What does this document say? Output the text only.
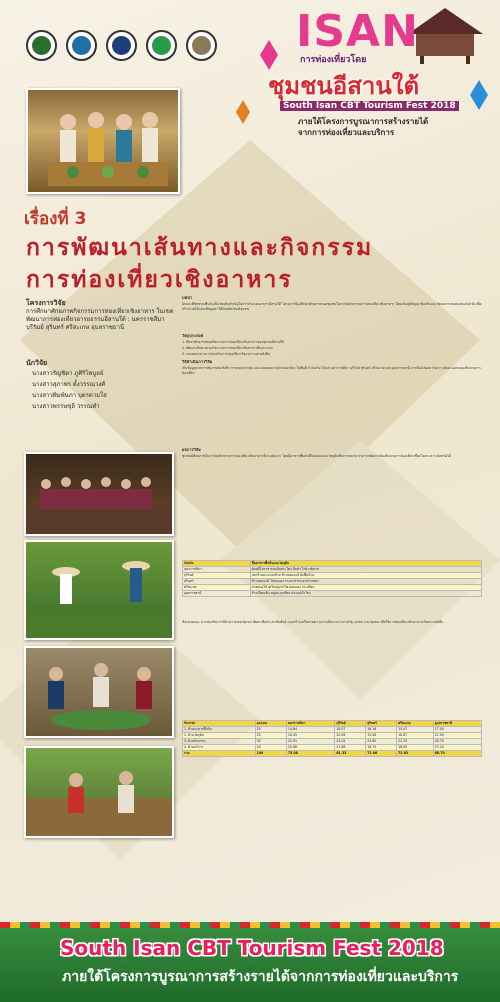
ISAN
การท่องเที่ยวโดย
ชุมชนอีสานใต้
South Isan CBT Tourism Fest 2018
ภายใต้โครงการบูรณาการสร้างรายได้
จากการท่องเที่ยวและบริการ
เรื่องที่ 3
การพัฒนาเส้นทางและกิจกรรม
การท่องเที่ยวเชิงอาหาร
โครงการวิจัย
การศึกษาศักยภาพกิจกรรมการท่องเที่ยวเชิงอาหาร ในเขตพัฒนาการท่องเที่ยวอารยธรรมอีสานใต้ : นครราชสีมา บุรีรัมย์ สุรินทร์ ศรีสะเกษ อุบลราชธานี
นักวิจัย
นางสาวรัญชิดา ภูศิริไพบูลย์
นางสาวสุภาพร ตั้งวรรณวงศ์
นางสาวพิมพ์นภา บุตรตามใส
นางสาวพรรษชุลี วรรณทำ
บทนำ
ผักและพืชพรรณพื้นถิ่นเป็นวัตถุดิบสำคัญในการประกอบอาหารอีสานใต้ โครงการนี้มุ่งศึกษาศักยภาพของชุมชนในการจัดกิจกรรมการท่องเที่ยวเชิงอาหาร โดยเน้นภูมิปัญญาท้องถิ่นและวัฒนธรรมของแต่ละจังหวัด เพื่อสร้างรายได้และเพิ่มมูลค่าให้กับผลิตภัณฑ์ชุมชน
วัตถุประสงค์
1. ศึกษาศักยภาพของกิจกรรมการท่องเที่ยวเชิงอาหารของชุมชนอีสานใต้
2. พัฒนาเส้นทางและกิจกรรมการท่องเที่ยวเชิงอาหารที่เหมาะสม
3. เสนอแนวทางการส่งเสริมการท่องเที่ยวเชิงอาหารอย่างยั่งยืน
วิธีดำเนินการวิจัย
เก็บข้อมูลจากการสัมภาษณ์เชิงลึก การสนทนากลุ่ม และแบบสอบถามนักท่องเที่ยว ในพื้นที่ 5 จังหวัด ได้แก่ นครราชสีมา บุรีรัมย์ สุรินทร์ ศรีสะเกษ และอุบลราชธานี จากนั้นนำผลมาวิเคราะห์และออกแบบเส้นทางการท่องเที่ยว
ผลการวิจัย
ชุมชนมีศักยภาพในการจัดกิจกรรมการท่องเที่ยวเชิงอาหารในระดับมาก โดยมีอาหารพื้นถิ่นที่โดดเด่นและวัตถุดิบที่หลากหลาย สามารถพัฒนาเป็นเส้นทางการท่องเที่ยวเชื่อมโยงระหว่างจังหวัดได้
จังหวัด	ชื่ออาหารพื้นถิ่นและวัตถุดิบ
นครราชสีมา	ผัดหมี่โคราช ขนมจีนประโดก ส้มตำ ไก่ย่างพิมาย
บุรีรัมย์	ปลาร้าบอง แกงกล้วย ข้าวหอมมะลิ ผักพื้นบ้าน
สุรินทร์	ข้าวหอมมะลิ ไข่มดแดง กระยาสารท อาหารเขมร
ศรีสะเกษ	แกงหน่อไม้ ทุเรียนภูเขาไฟ หอมแดง กระเทียม
อุบลราชธานี	ข้าวเปียกเส้น หมูยอ กุนเชียง ปลาแม่น้ำโขง
ข้อเสนอแนะ ควรส่งเสริมการมีส่วนร่วมของชุมชน พัฒนาสื่อประชาสัมพันธ์ และสร้างเครือข่ายความร่วมมือระหว่างภาครัฐ เอกชน และชุมชน เพื่อให้การท่องเที่ยวเชิงอาหารเกิดความยั่งยืน
กิจกรรม	คะแนน	นครราชสีมา	บุรีรัมย์	สุรินทร์	ศรีสะเกษ	อุบลราชธานี
1. ด้านอาหารพื้นถิ่น	25	14.84	16.07	16.16	14.47	17.00
2. ด้านวัตถุดิบ	25	16.45	20.56	15.56	16.87	22.00
3. ด้านกิจกรรม	30	22.91	23.02	23.60	22.29	26.70
4. ด้านบริการ	20	20.88	21.68	16.74	16.00	23.20
รวม	100	75.08	81.33	72.06	73.63	88.70
South Isan CBT Tourism Fest 2018
ภายใต้โครงการบูรณาการสร้างรายได้จากการท่องเที่ยวและบริการ
